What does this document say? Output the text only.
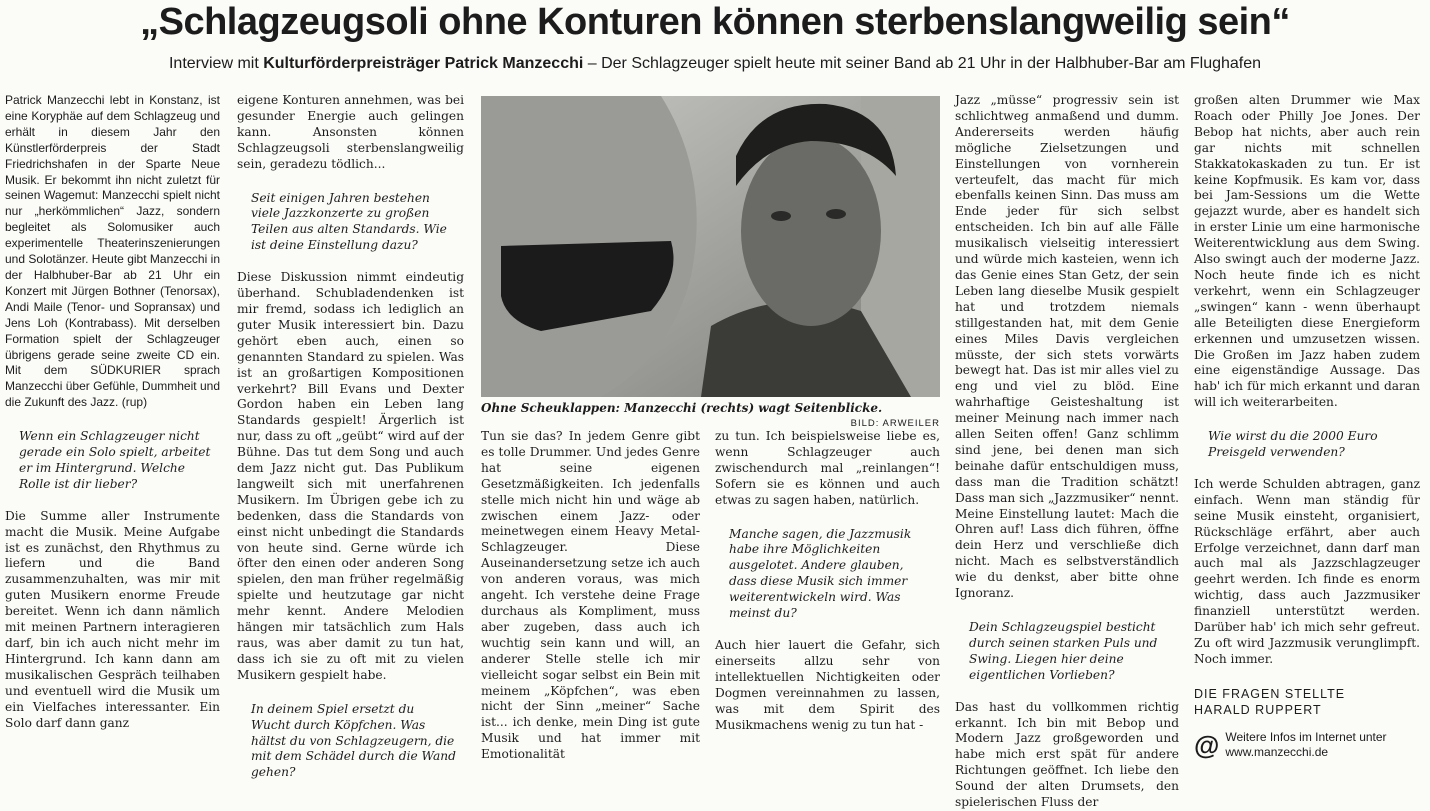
„Schlagzeugsoli ohne Konturen können sterbenslangweilig sein“
Interview mit Kulturförderpreisträger Patrick Manzecchi – Der Schlagzeuger spielt heute mit seiner Band ab 21 Uhr in der Halbhuber-Bar am Flughafen

Patrick Manzecchi lebt in Konstanz, ist eine Koryphäe auf dem Schlagzeug und erhält in diesem Jahr den Künstlerförderpreis der Stadt Friedrichshafen in der Sparte Neue Musik. Er bekommt ihn nicht zuletzt für seinen Wagemut: Manzecchi spielt nicht nur „herkömmlichen“ Jazz, sondern begleitet als Solomusiker auch experimentelle Theaterinszenierungen und Solotänzer. Heute gibt Manzecchi in der Halbhuber-Bar ab 21 Uhr ein Konzert mit Jürgen Bothner (Tenorsax), Andi Maile (Tenor- und Sopransax) und Jens Loh (Kontrabass). Mit derselben Formation spielt der Schlagzeuger übrigens gerade seine zweite CD ein. Mit dem SÜDKURIER sprach Manzecchi über Gefühle, Dummheit und die Zukunft des Jazz. (rup)

Wenn ein Schlagzeuger nicht gerade ein Solo spielt, arbeitet er im Hintergrund. Welche Rolle ist dir lieber?

Die Summe aller Instrumente macht die Musik. Meine Aufgabe ist es zunächst, den Rhythmus zu liefern und die Band zusammenzuhalten, was mir mit guten Musikern enorme Freude bereitet. Wenn ich dann nämlich mit meinen Partnern interagieren darf, bin ich auch nicht mehr im Hintergrund. Ich kann dann am musikalischen Gespräch teilhaben und eventuell wird die Musik um ein Vielfaches interessanter. Ein Solo darf dann ganz

eigene Konturen annehmen, was bei gesunder Energie auch gelingen kann. Ansonsten können Schlagzeugsoli sterbenslangweilig sein, geradezu tödlich...

Seit einigen Jahren bestehen viele Jazzkonzerte zu großen Teilen aus alten Standards. Wie ist deine Einstellung dazu?

Diese Diskussion nimmt eindeutig überhand. Schubladendenken ist mir fremd, sodass ich lediglich an guter Musik interessiert bin. Dazu gehört eben auch, einen so genannten Standard zu spielen. Was ist an großartigen Kompositionen verkehrt? Bill Evans und Dexter Gordon haben ein Leben lang Standards gespielt! Ärgerlich ist nur, dass zu oft „geübt“ wird auf der Bühne. Das tut dem Song und auch dem Jazz nicht gut. Das Publikum langweilt sich mit unerfahrenen Musikern. Im Übrigen gebe ich zu bedenken, dass die Standards von einst nicht unbedingt die Standards von heute sind. Gerne würde ich öfter den einen oder anderen Song spielen, den man früher regelmäßig spielte und heutzutage gar nicht mehr kennt. Andere Melodien hängen mir tatsächlich zum Hals raus, was aber damit zu tun hat, dass ich sie zu oft mit zu vielen Musikern gespielt habe.

In deinem Spiel ersetzt du Wucht durch Köpfchen. Was hältst du von Schlagzeugern, die mit dem Schädel durch die Wand gehen?

Ohne Scheuklappen: Manzecchi (rechts) wagt Seitenblicke.
BILD: ARWEILER

Tun sie das? In jedem Genre gibt es tolle Drummer. Und jedes Genre hat seine eigenen Gesetzmäßigkeiten. Ich jedenfalls stelle mich nicht hin und wäge ab zwischen einem Jazz- oder meinetwegen einem Heavy Metal-Schlagzeuger. Diese Auseinandersetzung setze ich auch von anderen voraus, was mich angeht. Ich verstehe deine Frage durchaus als Kompliment, muss aber zugeben, dass auch ich wuchtig sein kann und will, an anderer Stelle stelle ich mir vielleicht sogar selbst ein Bein mit meinem „Köpfchen“, was eben nicht der Sinn „meiner“ Sache ist... ich denke, mein Ding ist gute Musik und hat immer mit Emotionalität

zu tun. Ich beispielsweise liebe es, wenn Schlagzeuger auch zwischendurch mal „reinlangen“! Sofern sie es können und auch etwas zu sagen haben, natürlich.

Manche sagen, die Jazzmusik habe ihre Möglichkeiten ausgelotet. Andere glauben, dass diese Musik sich immer weiterentwickeln wird. Was meinst du?

Auch hier lauert die Gefahr, sich einerseits allzu sehr von intellektuellen Nichtigkeiten oder Dogmen vereinnahmen zu lassen, was mit dem Spirit des Musikmachens wenig zu tun hat -

Jazz „müsse“ progressiv sein ist schlichtweg anmaßend und dumm. Andererseits werden häufig mögliche Zielsetzungen und Einstellungen von vornherein verteufelt, das macht für mich ebenfalls keinen Sinn. Das muss am Ende jeder für sich selbst entscheiden. Ich bin auf alle Fälle musikalisch vielseitig interessiert und würde mich kasteien, wenn ich das Genie eines Stan Getz, der sein Leben lang dieselbe Musik gespielt hat und trotzdem niemals stillgestanden hat, mit dem Genie eines Miles Davis vergleichen müsste, der sich stets vorwärts bewegt hat. Das ist mir alles viel zu eng und viel zu blöd. Eine wahrhaftige Geisteshaltung ist meiner Meinung nach immer nach allen Seiten offen! Ganz schlimm sind jene, bei denen man sich beinahe dafür entschuldigen muss, dass man die Tradition schätzt! Dass man sich „Jazzmusiker“ nennt. Meine Einstellung lautet: Mach die Ohren auf! Lass dich führen, öffne dein Herz und verschließe dich nicht. Mach es selbstverständlich wie du denkst, aber bitte ohne Ignoranz.

Dein Schlagzeugspiel besticht durch seinen starken Puls und Swing. Liegen hier deine eigentlichen Vorlieben?

Das hast du vollkommen richtig erkannt. Ich bin mit Bebop und Modern Jazz großgeworden und habe mich erst spät für andere Richtungen geöffnet. Ich liebe den Sound der alten Drumsets, den spielerischen Fluss der

großen alten Drummer wie Max Roach oder Philly Joe Jones. Der Bebop hat nichts, aber auch rein gar nichts mit schnellen Stakkatokaskaden zu tun. Er ist keine Kopfmusik. Es kam vor, dass bei Jam-Sessions um die Wette gejazzt wurde, aber es handelt sich in erster Linie um eine harmonische Weiterentwicklung aus dem Swing. Also swingt auch der moderne Jazz. Noch heute finde ich es nicht verkehrt, wenn ein Schlagzeuger „swingen“ kann - wenn überhaupt alle Beteiligten diese Energieform erkennen und umzusetzen wissen. Die Großen im Jazz haben zudem eine eigenständige Aussage. Das hab' ich für mich erkannt und daran will ich weiterarbeiten.

Wie wirst du die 2000 Euro Preisgeld verwenden?

Ich werde Schulden abtragen, ganz einfach. Wenn man ständig für seine Musik einsteht, organisiert, Rückschläge erfährt, aber auch Erfolge verzeichnet, dann darf man auch mal als Jazzschlagzeuger geehrt werden. Ich finde es enorm wichtig, dass auch Jazzmusiker finanziell unterstützt werden. Darüber hab' ich mich sehr gefreut. Zu oft wird Jazzmusik verunglimpft. Noch immer.

DIE FRAGEN STELLTE
HARALD RUPPERT
@ Weitere Infos im Internet unter
www.manzecchi.de
